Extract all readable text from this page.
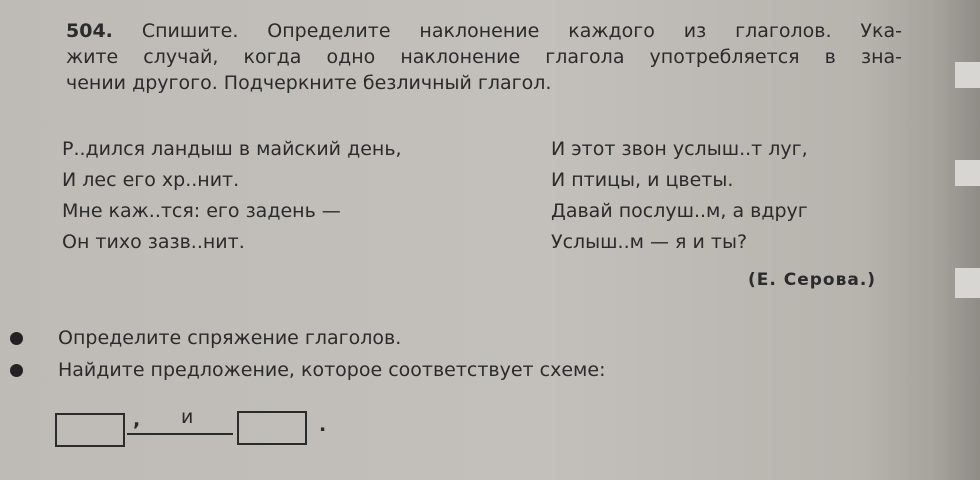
504. Спишите. Определите наклонение каждого из глаголов. Ука-
жите случай, когда одно наклонение глагола употребляется в зна-
чении другого. Подчеркните безличный глагол.
Р..дился ландыш в майский день,
И лес его хр..нит.
Мне каж..тся: его задень —
Он тихо зазв..нит.
И этот звон услыш..т луг,
И птицы, и цветы.
Давай послуш..м, а вдруг
Услыш..м — я и ты?
(Е. Серова.)
Определите спряжение глаголов.
Найдите предложение, которое соответствует схеме:
, и	.
